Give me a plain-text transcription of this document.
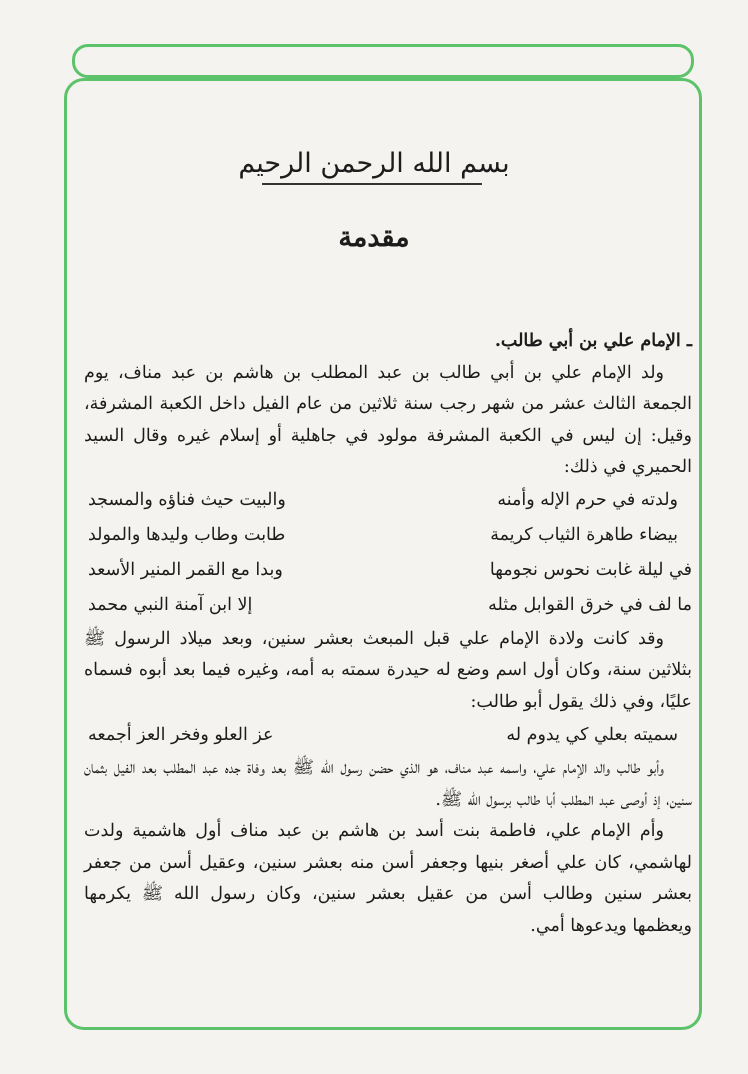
بسم الله الرحمن الرحيم
مقدمة

ـ الإمام علي بن أبي طالب.

ولد الإمام علي بن أبي طالب بن عبد المطلب بن هاشم بن عبد مناف، يوم الجمعة الثالث عشر من شهر رجب سنة ثلاثين من عام الفيل داخل الكعبة المشرفة، وقيل: إن ليس في الكعبة المشرفة مولود في جاهلية أو إسلام غيره وقال السيد الحميري في ذلك:

ولدته في حرم الإله وأمنه
والبيت حيث فناؤه والمسجد
بيضاء طاهرة الثياب كريمة
طابت وطاب وليدها والمولد
في ليلة غابت نحوس نجومها
وبدا مع القمر المنير الأسعد
ما لف في خرق القوابل مثله
إلا ابن آمنة النبي محمد

وقد كانت ولادة الإمام علي قبل المبعث بعشر سنين، وبعد ميلاد الرسول ﷺ بثلاثين سنة، وكان أول اسم وضع له حيدرة سمته به أمه، وغيره فيما بعد أبوه فسماه عليًا، وفي ذلك يقول أبو طالب:

سميته بعلي كي يدوم له
عز العلو وفخر العز أجمعه

وأبو طالب والد الإمام علي، واسمه عبد مناف، هو الذي حضن رسول الله ﷺ بعد وفاة جده عبد المطلب بعد الفيل بثمان سنين، إذ أوصى عبد المطلب أبا طالب برسول الله ﷺ.

وأم الإمام علي، فاطمة بنت أسد بن هاشم بن عبد مناف أول هاشمية ولدت لهاشمي، كان علي أصغر بنيها وجعفر أسن منه بعشر سنين، وعقيل أسن من جعفر بعشر سنين وطالب أسن من عقيل بعشر سنين، وكان رسول الله ﷺ يكرمها ويعظمها ويدعوها أمي.
